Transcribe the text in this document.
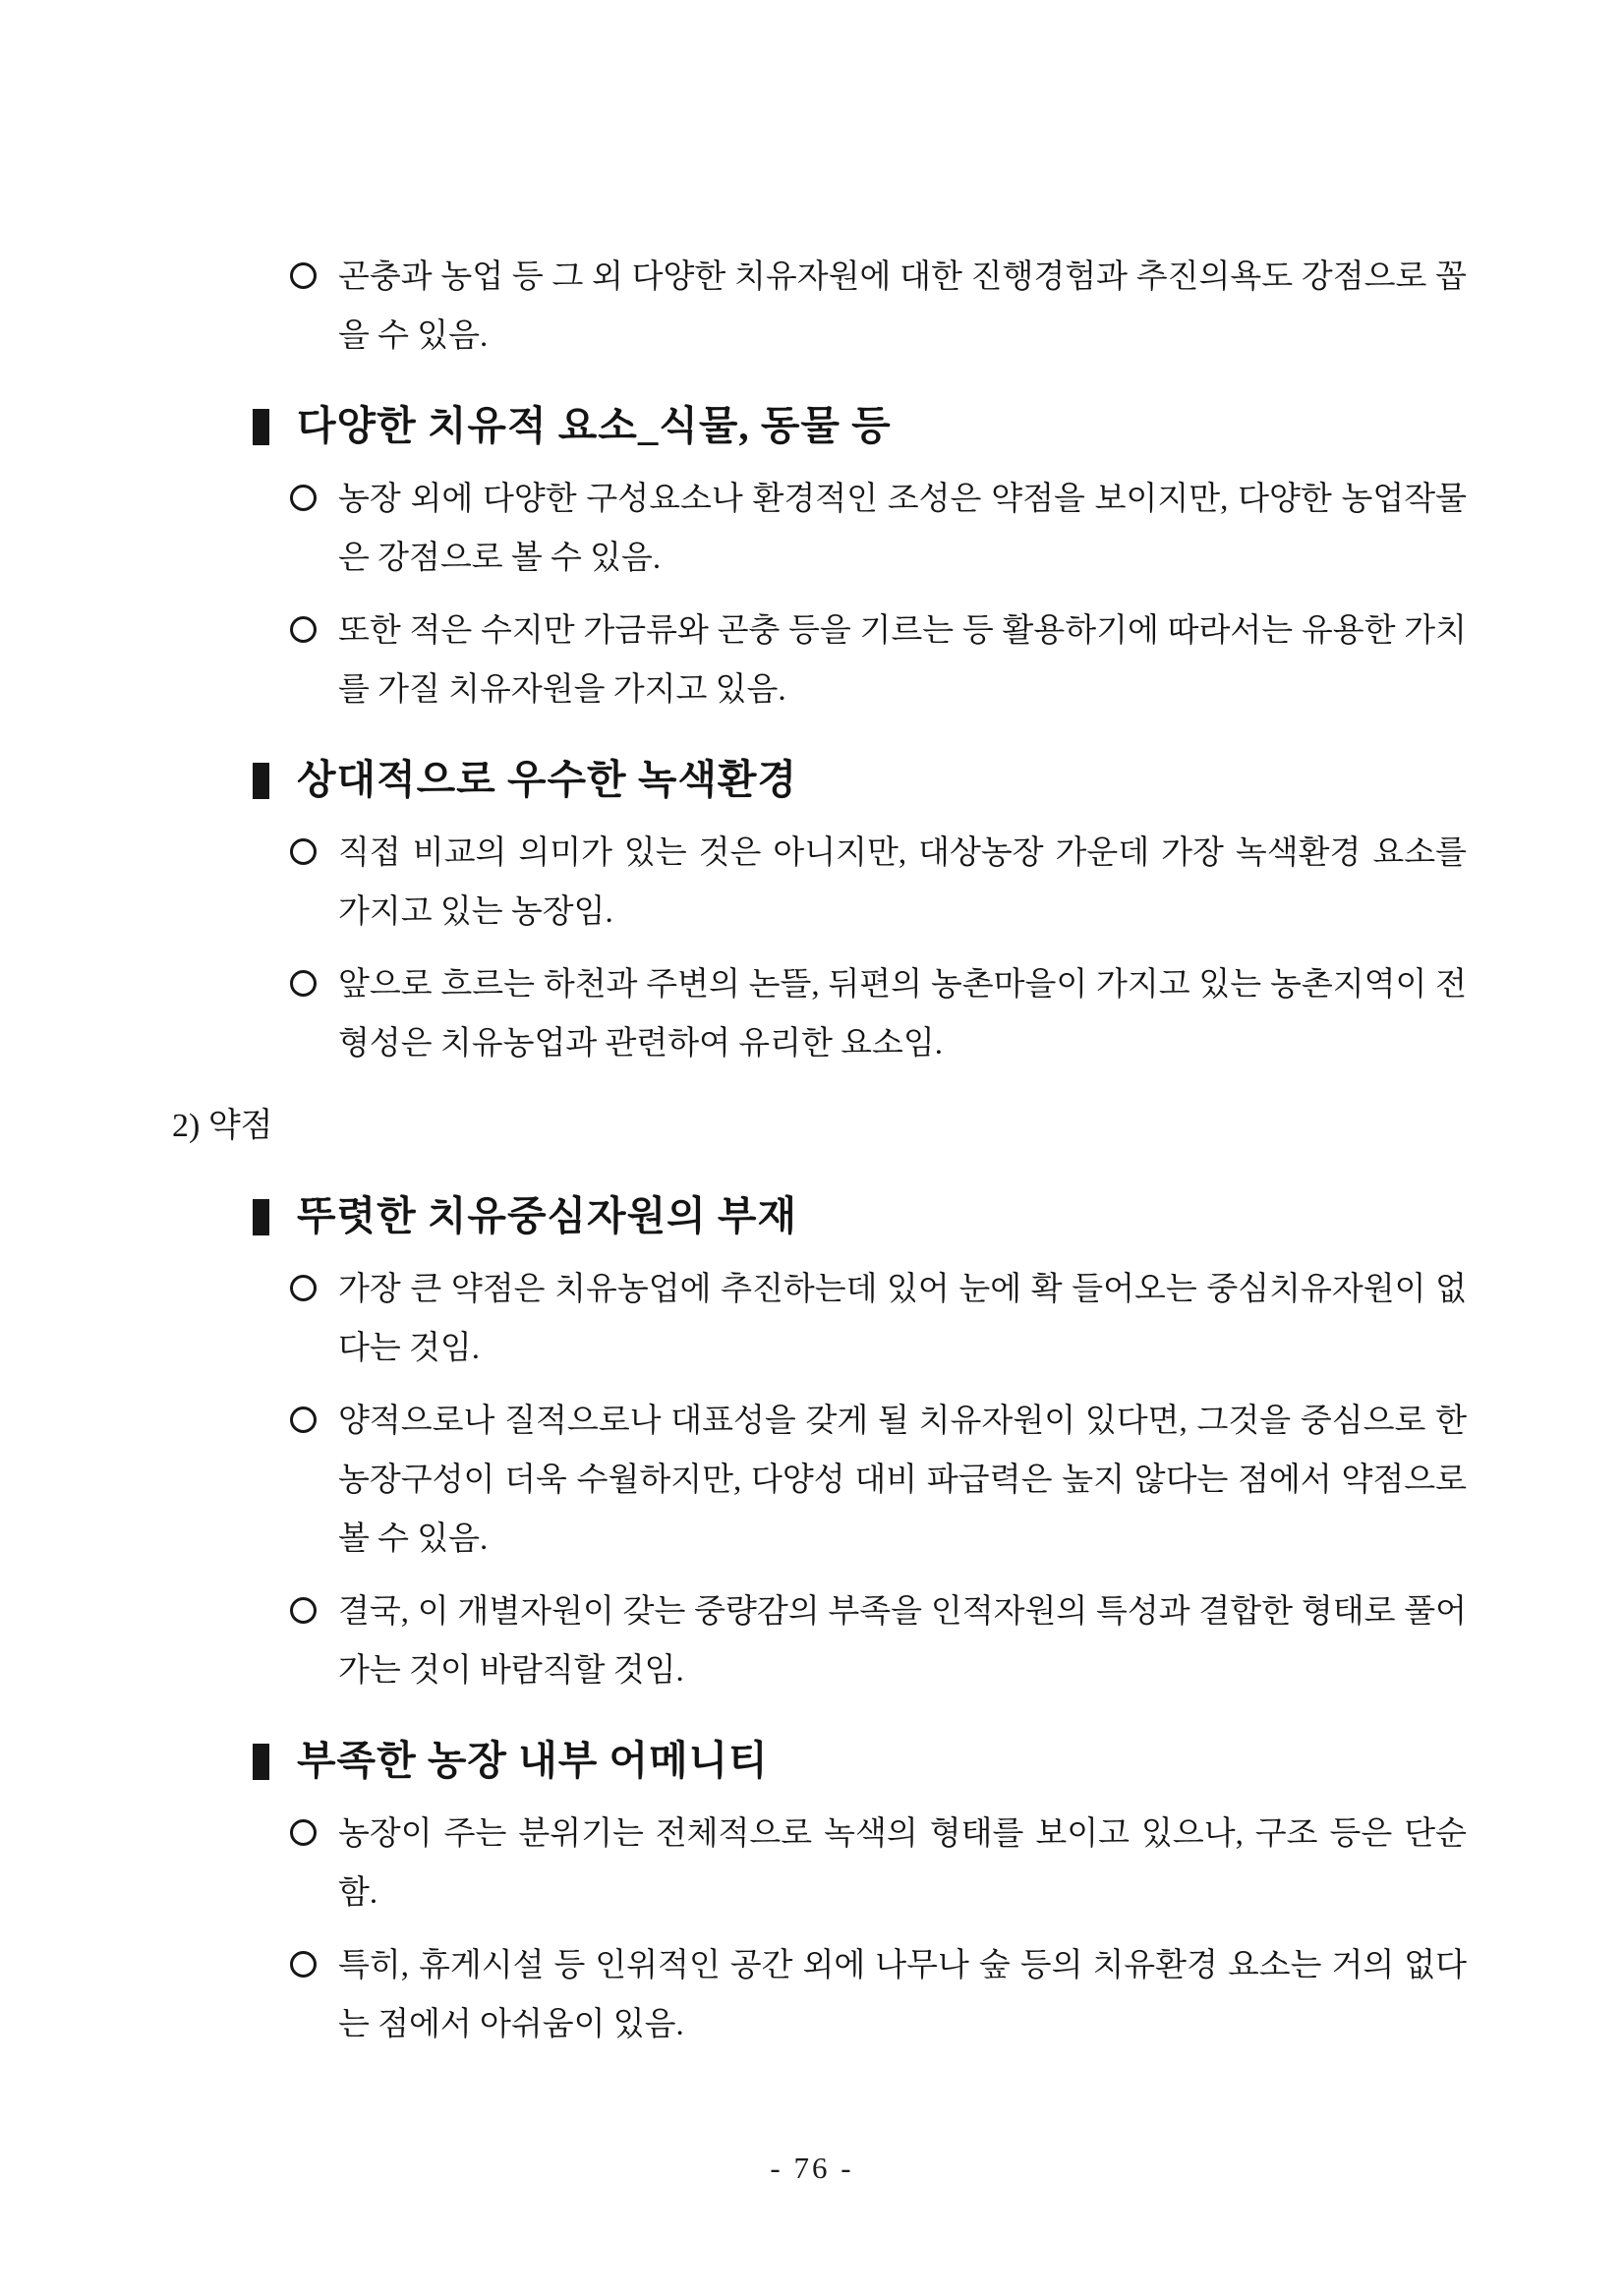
곤충과 농업 등 그 외 다양한 치유자원에 대한 진행경험과 추진의욕도 강점으로 꼽을 수 있음.

다양한 치유적 요소_식물, 동물 등

농장 외에 다양한 구성요소나 환경적인 조성은 약점을 보이지만, 다양한 농업작물은 강점으로 볼 수 있음.

또한 적은 수지만 가금류와 곤충 등을 기르는 등 활용하기에 따라서는 유용한 가치를 가질 치유자원을 가지고 있음.

상대적으로 우수한 녹색환경

직접 비교의 의미가 있는 것은 아니지만, 대상농장 가운데 가장 녹색환경 요소를 가지고 있는 농장임.

앞으로 흐르는 하천과 주변의 논뜰, 뒤편의 농촌마을이 가지고 있는 농촌지역이 전형성은 치유농업과 관련하여 유리한 요소임.

2) 약점
뚜렷한 치유중심자원의 부재

가장 큰 약점은 치유농업에 추진하는데 있어 눈에 확 들어오는 중심치유자원이 없다는 것임.

양적으로나 질적으로나 대표성을 갖게 될 치유자원이 있다면, 그것을 중심으로 한 농장구성이 더욱 수월하지만, 다양성 대비 파급력은 높지 않다는 점에서 약점으로 볼 수 있음.

결국, 이 개별자원이 갖는 중량감의 부족을 인적자원의 특성과 결합한 형태로 풀어가는 것이 바람직할 것임.

부족한 농장 내부 어메니티

농장이 주는 분위기는 전체적으로 녹색의 형태를 보이고 있으나, 구조 등은 단순함.

특히, 휴게시설 등 인위적인 공간 외에 나무나 숲 등의 치유환경 요소는 거의 없다는 점에서 아쉬움이 있음.

- 76 -
